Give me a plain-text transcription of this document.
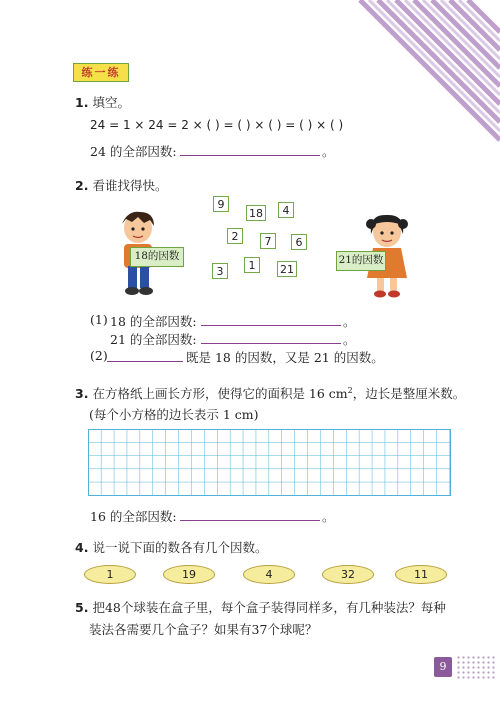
练一练
1. 填空。
24 = 1 × 24 = 2 × ( ) = ( ) × ( ) = ( ) × ( )
24 的全部因数:	。
2. 看谁找得快。
18的因数	21的因数
9
18	4
2	7	6
3	1	21
(1) 18 的全部因数:	。
21 的全部因数:	。
(2)	既是 18 的因数，又是 21 的因数。
3. 在方格纸上画长方形，使得它的面积是 16 $cm^2$，边长是整厘米数。
(每个小方格的边长表示 1 cm)
16 的全部因数:	。
4. 说一说下面的数各有几个因数。
1	19	4	32	11
5. 把48个球装在盒子里，每个盒子装得同样多，有几种装法？每种
装法各需要几个盒子？如果有37个球呢？
9
